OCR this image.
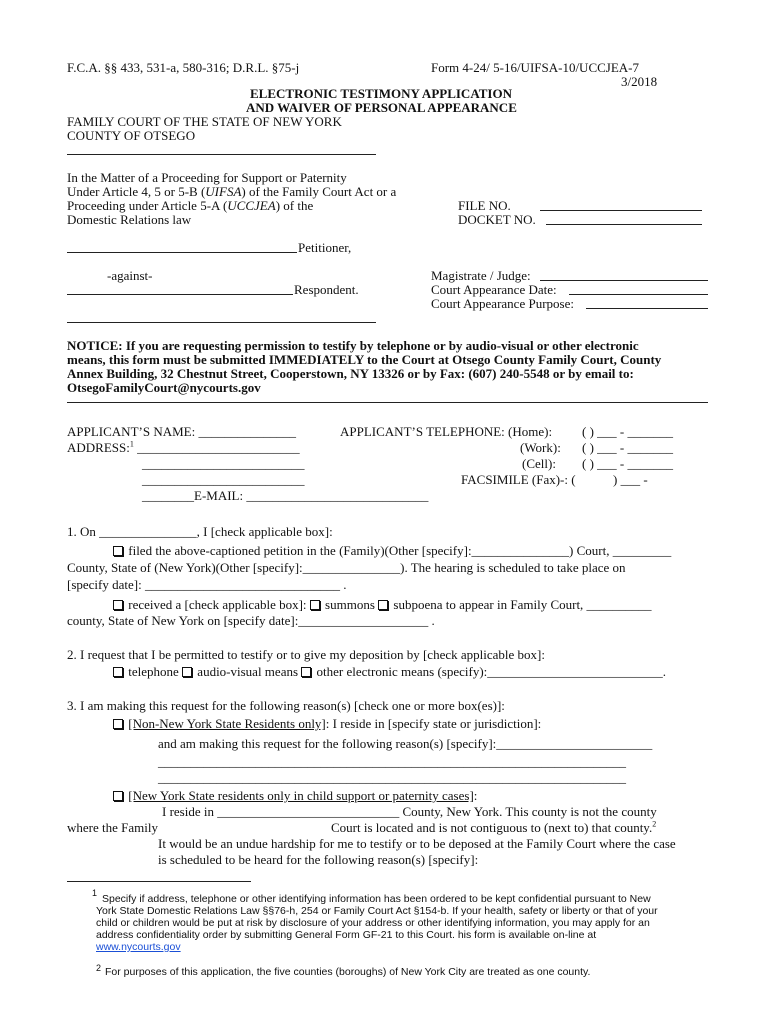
F.C.A. §§ 433, 531-a, 580-316; D.R.L. §75-j	Form 4-24/ 5-16/UIFSA-10/UCCJEA-7
3/2018
ELECTRONIC TESTIMONY APPLICATION
AND WAIVER OF PERSONAL APPEARANCE
FAMILY COURT OF THE STATE OF NEW YORK
COUNTY OF OTSEGO
In the Matter of a Proceeding for Support or Paternity
Under Article 4, 5 or 5-B (UIFSA) of the Family Court Act or a
Proceeding under Article 5-A (UCCJEA) of the
Domestic Relations law
FILE NO.
DOCKET NO.
Petitioner,
-against-
Respondent.
Magistrate / Judge:
Court Appearance Date:
Court Appearance Purpose:
NOTICE: If you are requesting permission to testify by telephone or by audio-visual or other electronic
means, this form must be submitted IMMEDIATELY to the Court at Otsego County Family Court, County
Annex Building, 32 Chestnut Street, Cooperstown, NY 13326 or by Fax: (607) 240-5548 or by email to:
OtsegoFamilyCourt@nycourts.gov
APPLICANT’S NAME: _______________
ADDRESS:$^1$ _________________________
_________________________
_________________________
________E-MAIL: ____________________________
APPLICANT’S TELEPHONE: (Home):
(Work):
(Cell):
FACSIMILE (Fax)-: (
( ) ___ - _______
( ) ___ - _______
( ) ___ - _______
) ___ -
1. On _______________, I [check applicable box]:
filed the above-captioned petition in the (Family)(Other [specify]:_______________) Court, _________
County, State of (New York)(Other [specify]:_______________). The hearing is scheduled to take place on
[specify date]: ______________________________ .
received a [check applicable box]: summons subpoena to appear in Family Court, __________
county, State of New York on [specify date]:____________________ .
2. I request that I be permitted to testify or to give my deposition by [check applicable box]:
telephone audio-visual means other electronic means (specify):___________________________.
3. I am making this request for the following reason(s) [check one or more box(es)]:
[Non-New York State Residents only]: I reside in [specify state or jurisdiction]:
and am making this request for the following reason(s) [specify]:________________________
________________________________________________________________________
________________________________________________________________________
[New York State residents only in child support or paternity cases]:
I reside in ____________________________ County, New York. This county is not the county
where the Family	Court is located and is not contiguous to (next to) that county.$^2$
It would be an undue hardship for me to testify or to be deposed at the Family Court where the case
is scheduled to be heard for the following reason(s) [specify]:
1 Specify if address, telephone or other identifying information has been ordered to be kept confidential pursuant to New
York State Domestic Relations Law §§76-h, 254 or Family Court Act §154-b. If your health, safety or liberty or that of your
child or children would be put at risk by disclosure of your address or other identifying information, you may apply for an
address confidentiality order by submitting General Form GF-21 to this Court. his form is available on-line at
www.nycourts.gov
2 For purposes of this application, the five counties (boroughs) of New York City are treated as one county.
